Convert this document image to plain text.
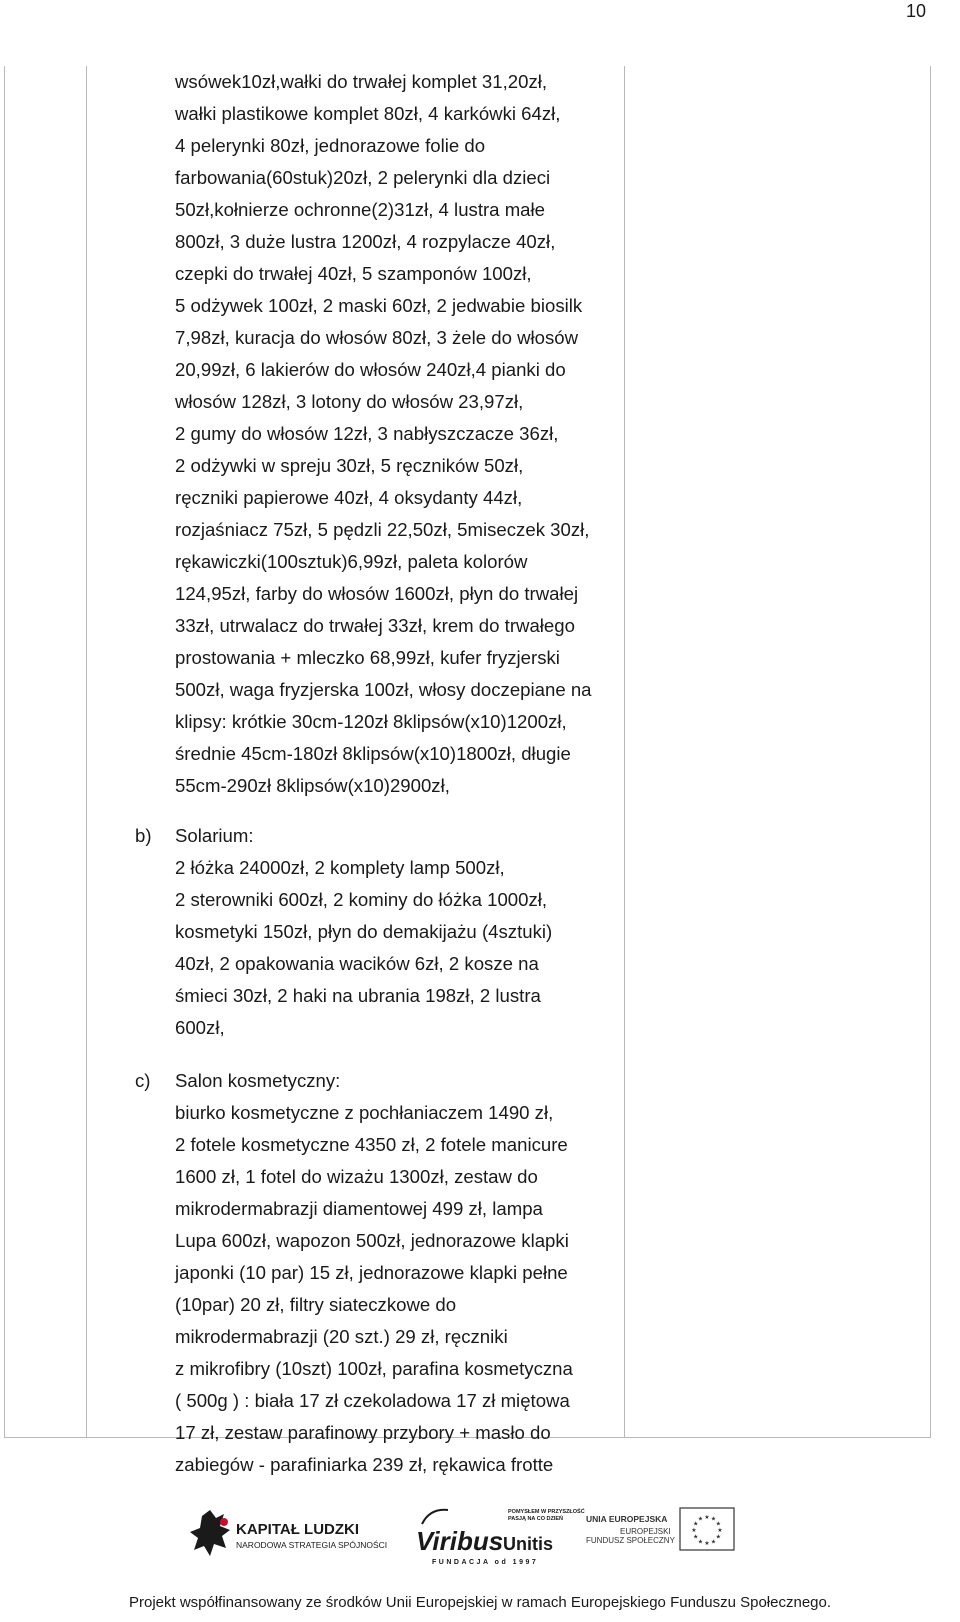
10
wsówek10zł,wałki do trwałej komplet 31,20zł,
wałki plastikowe komplet 80zł, 4 karkówki 64zł,
4 pelerynki 80zł, jednorazowe folie do
farbowania(60stuk)20zł, 2 pelerynki dla dzieci
50zł,kołnierze ochronne(2)31zł, 4 lustra małe
800zł, 3 duże lustra 1200zł, 4 rozpylacze 40zł,
czepki do trwałej 40zł, 5 szamponów 100zł,
5 odżywek 100zł, 2 maski 60zł, 2 jedwabie biosilk
7,98zł, kuracja do włosów 80zł, 3 żele do włosów
20,99zł, 6 lakierów do włosów 240zł,4 pianki do
włosów 128zł, 3 lotony do włosów 23,97zł,
2 gumy do włosów 12zł, 3 nabłyszczacze 36zł,
2 odżywki w spreju 30zł, 5 ręczników 50zł,
ręczniki papierowe 40zł, 4 oksydanty 44zł,
rozjaśniacz 75zł, 5 pędzli 22,50zł, 5miseczek 30zł,
rękawiczki(100sztuk)6,99zł, paleta kolorów
124,95zł, farby do włosów 1600zł, płyn do trwałej
33zł, utrwalacz do trwałej 33zł, krem do trwałego
prostowania + mleczko 68,99zł, kufer fryzjerski
500zł, waga fryzjerska 100zł, włosy doczepiane na
klipsy: krótkie 30cm-120zł 8klipsów(x10)1200zł,
średnie 45cm-180zł 8klipsów(x10)1800zł, długie
55cm-290zł 8klipsów(x10)2900zł,
b) Solarium:
2 łóżka 24000zł, 2 komplety lamp 500zł,
2 sterowniki 600zł, 2 kominy do łóżka 1000zł,
kosmetyki 150zł, płyn do demakijażu (4sztuki)
40zł, 2 opakowania wacików 6zł, 2 kosze na
śmieci 30zł, 2 haki na ubrania 198zł, 2 lustra
600zł,
c) Salon kosmetyczny:
biurko kosmetyczne z pochłaniaczem 1490 zł,
2 fotele kosmetyczne 4350 zł, 2 fotele manicure
1600 zł, 1 fotel do wizażu 1300zł, zestaw do
mikrodermabrazji diamentowej 499 zł, lampa
Lupa 600zł, wapozon 500zł, jednorazowe klapki
japonki (10 par) 15 zł, jednorazowe klapki pełne
(10par) 20 zł, filtry siateczkowe do
mikrodermabrazji (20 szt.) 29 zł, ręczniki
z mikrofibry (10szt) 100zł, parafina kosmetyczna
( 500g ) : biała 17 zł czekoladowa 17 zł miętowa
17 zł, zestaw parafinowy przybory + masło do
zabiegów - parafiniarka 239 zł, rękawica frotte
KAPITAŁ LUDZKI
NARODOWA STRATEGIA SPÓJNOŚCI
POMYSŁEM W PRZYSZŁOŚĆ
PASJĄ NA CO DZIEŃ
Viribus Unitis
FUNDACJA od 1997
UNIA EUROPEJSKA
EUROPEJSKI
FUNDUSZ SPOŁECZNY
★
★
★
★
★
★
★
★
★ ★ ★
★
Projekt współfinansowany ze środków Unii Europejskiej w ramach Europejskiego Funduszu Społecznego.
